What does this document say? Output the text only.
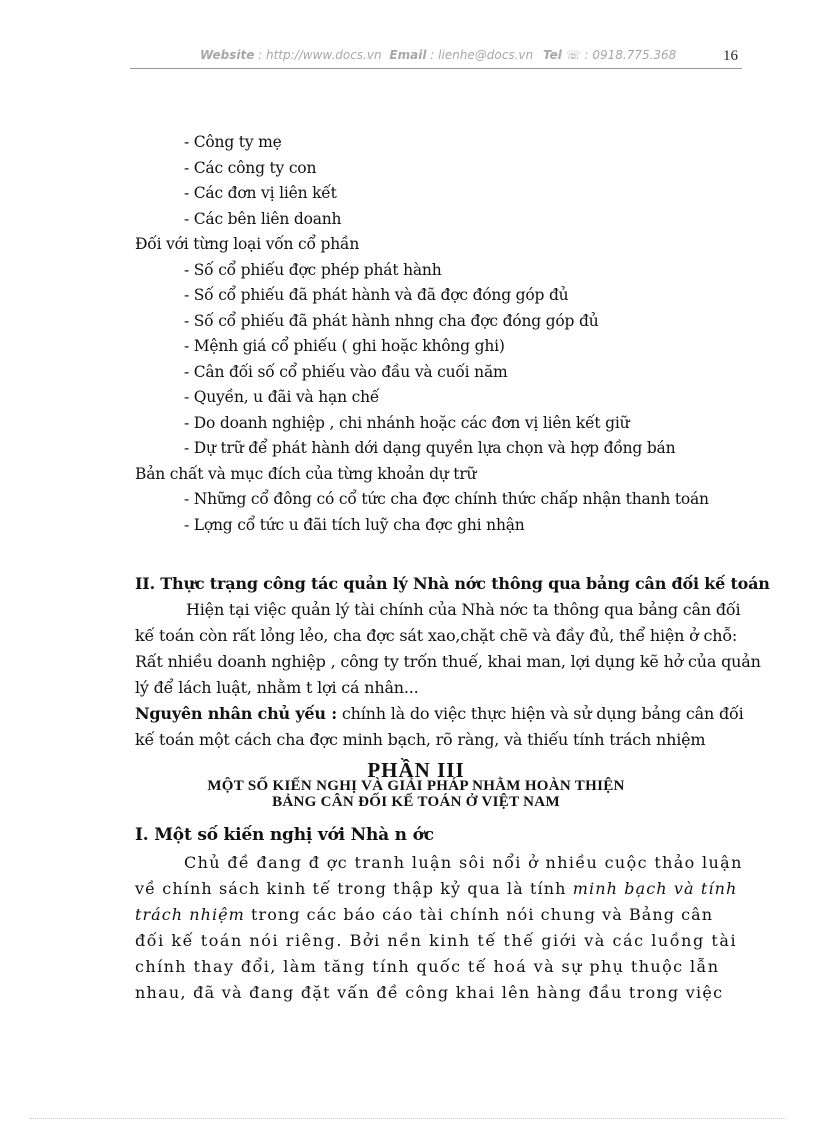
Website : http://www.docs.vn Email : lienhe@docs.vn Tel ☏ : 0918.775.368	16
- Công ty mẹ
- Các công ty con
- Các đơn vị liên kết
- Các bên liên doanh
Đối với từng loại vốn cổ phần
- Số cổ phiếu đợc phép phát hành
- Số cổ phiếu đã phát hành và đã đợc đóng góp đủ
- Số cổ phiếu đã phát hành nhng cha đợc đóng góp đủ
- Mệnh giá cổ phiếu ( ghi hoặc không ghi)
- Cân đối số cổ phiếu vào đầu và cuối năm
- Quyền, u đãi và hạn chế
- Do doanh nghiệp , chi nhánh hoặc các đơn vị liên kết giữ
- Dự trữ để phát hành dới dạng quyền lựa chọn và hợp đồng bán
Bản chất và mục đích của từng khoản dự trữ
- Những cổ đông có cổ tức cha đợc chính thức chấp nhận thanh toán
- Lợng cổ tức u đãi tích luỹ cha đợc ghi nhận
II. Thực trạng công tác quản lý Nhà nớc thông qua bảng cân đối kế toán
Hiện tại việc quản lý tài chính của Nhà nớc ta thông qua bảng cân đối
kế toán còn rất lỏng lẻo, cha đợc sát xao,chặt chẽ và đầy đủ, thể hiện ở chỗ:
Rất nhiều doanh nghiệp , công ty trốn thuế, khai man, lợi dụng kẽ hở của quản
lý để lách luật, nhằm t lợi cá nhân...
Nguyên nhân chủ yếu : chính là do việc thực hiện và sử dụng bảng cân đối
kế toán một cách cha đợc minh bạch, rõ ràng, và thiếu tính trách nhiệm
PHẦN III
MỘT SỐ KIẾN NGHỊ VÀ GIẢI PHÁP NHẰM HOÀN THIỆN
BẢNG CÂN ĐỐI KẾ TOÁN Ở VIỆT NAM
I. Một số kiến nghị với Nhà n ớc
Chủ đề đang đ ợc tranh luận sôi nổi ở nhiều cuộc thảo luận
về chính sách kinh tế trong thập kỷ qua là tính minh bạch và tính
trách nhiệm trong các báo cáo tài chính nói chung và Bảng cân
đối kế toán nói riêng. Bởi nền kinh tế thế giới và các luồng tài
chính thay đổi, làm tăng tính quốc tế hoá và sự phụ thuộc lẫn
nhau, đã và đang đặt vấn đề công khai lên hàng đầu trong việc
